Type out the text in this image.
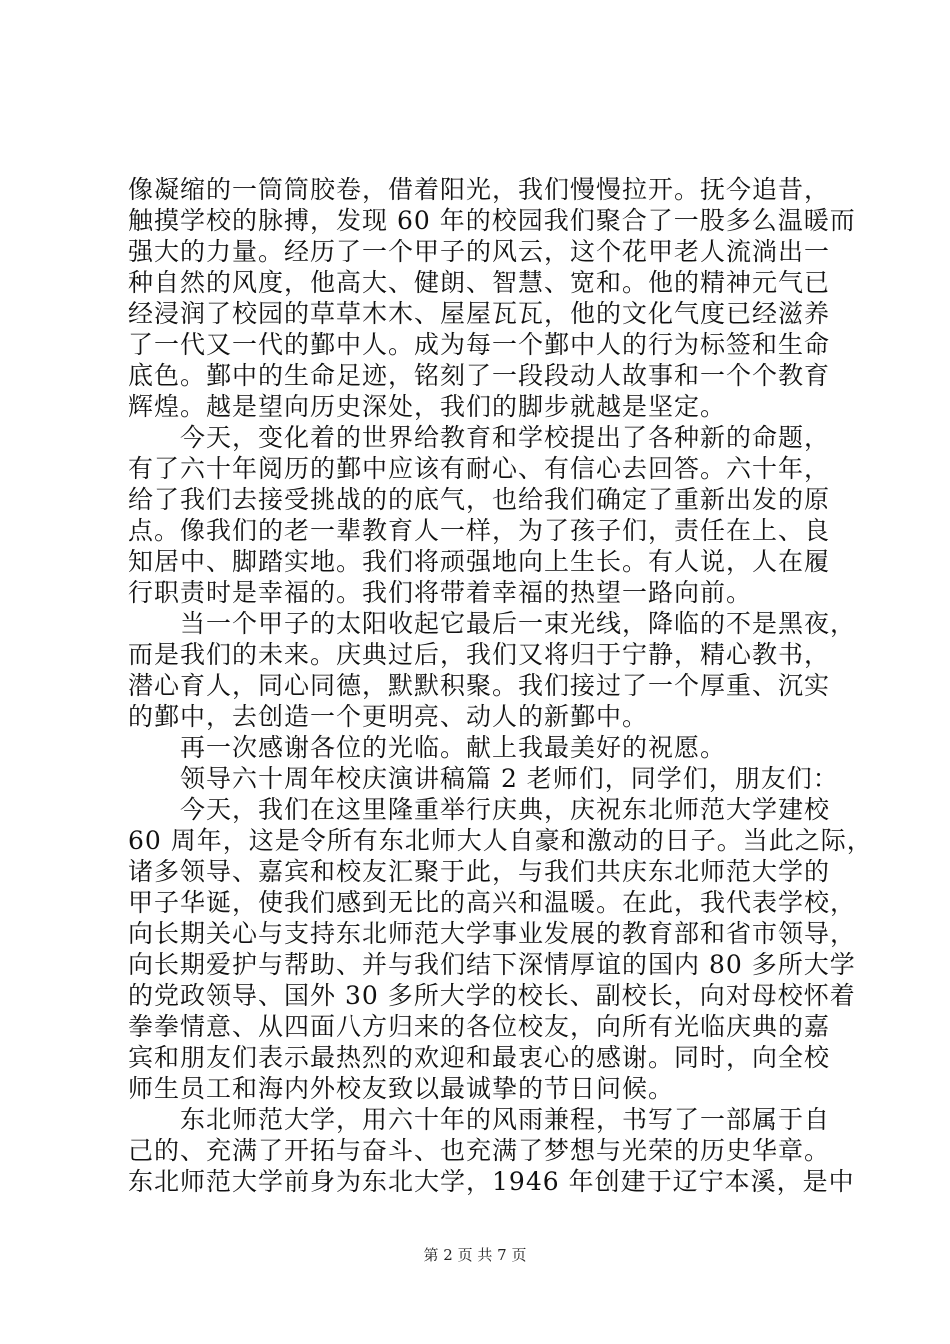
像凝缩的一筒筒胶卷，借着阳光，我们慢慢拉开。抚今追昔，
触摸学校的脉搏，发现 60 年的校园我们聚合了一股多么温暖而
强大的力量。经历了一个甲子的风云，这个花甲老人流淌出一
种自然的风度，他高大、健朗、智慧、宽和。他的精神元气已
经浸润了校园的草草木木、屋屋瓦瓦，他的文化气度已经滋养
了一代又一代的鄞中人。成为每一个鄞中人的行为标签和生命
底色。鄞中的生命足迹，铭刻了一段段动人故事和一个个教育
辉煌。越是望向历史深处，我们的脚步就越是坚定。
今天，变化着的世界给教育和学校提出了各种新的命题，
有了六十年阅历的鄞中应该有耐心、有信心去回答。六十年，
给了我们去接受挑战的的底气，也给我们确定了重新出发的原
点。像我们的老一辈教育人一样，为了孩子们，责任在上、良
知居中、脚踏实地。我们将顽强地向上生长。有人说，人在履
行职责时是幸福的。我们将带着幸福的热望一路向前。
当一个甲子的太阳收起它最后一束光线，降临的不是黑夜，
而是我们的未来。庆典过后，我们又将归于宁静，精心教书，
潜心育人，同心同德，默默积聚。我们接过了一个厚重、沉实
的鄞中，去创造一个更明亮、动人的新鄞中。
再一次感谢各位的光临。献上我最美好的祝愿。
领导六十周年校庆演讲稿篇 2 老师们，同学们，朋友们：
今天，我们在这里隆重举行庆典，庆祝东北师范大学建校
60 周年，这是令所有东北师大人自豪和激动的日子。当此之际，
诸多领导、嘉宾和校友汇聚于此，与我们共庆东北师范大学的
甲子华诞，使我们感到无比的高兴和温暖。在此，我代表学校，
向长期关心与支持东北师范大学事业发展的教育部和省市领导，
向长期爱护与帮助、并与我们结下深情厚谊的国内 80 多所大学
的党政领导、国外 30 多所大学的校长、副校长，向对母校怀着
拳拳情意、从四面八方归来的各位校友，向所有光临庆典的嘉
宾和朋友们表示最热烈的欢迎和最衷心的感谢。同时，向全校
师生员工和海内外校友致以最诚挚的节日问候。
东北师范大学，用六十年的风雨兼程，书写了一部属于自
己的、充满了开拓与奋斗、也充满了梦想与光荣的历史华章。
东北师范大学前身为东北大学，1946 年创建于辽宁本溪，是中
第 2 页 共 7 页
